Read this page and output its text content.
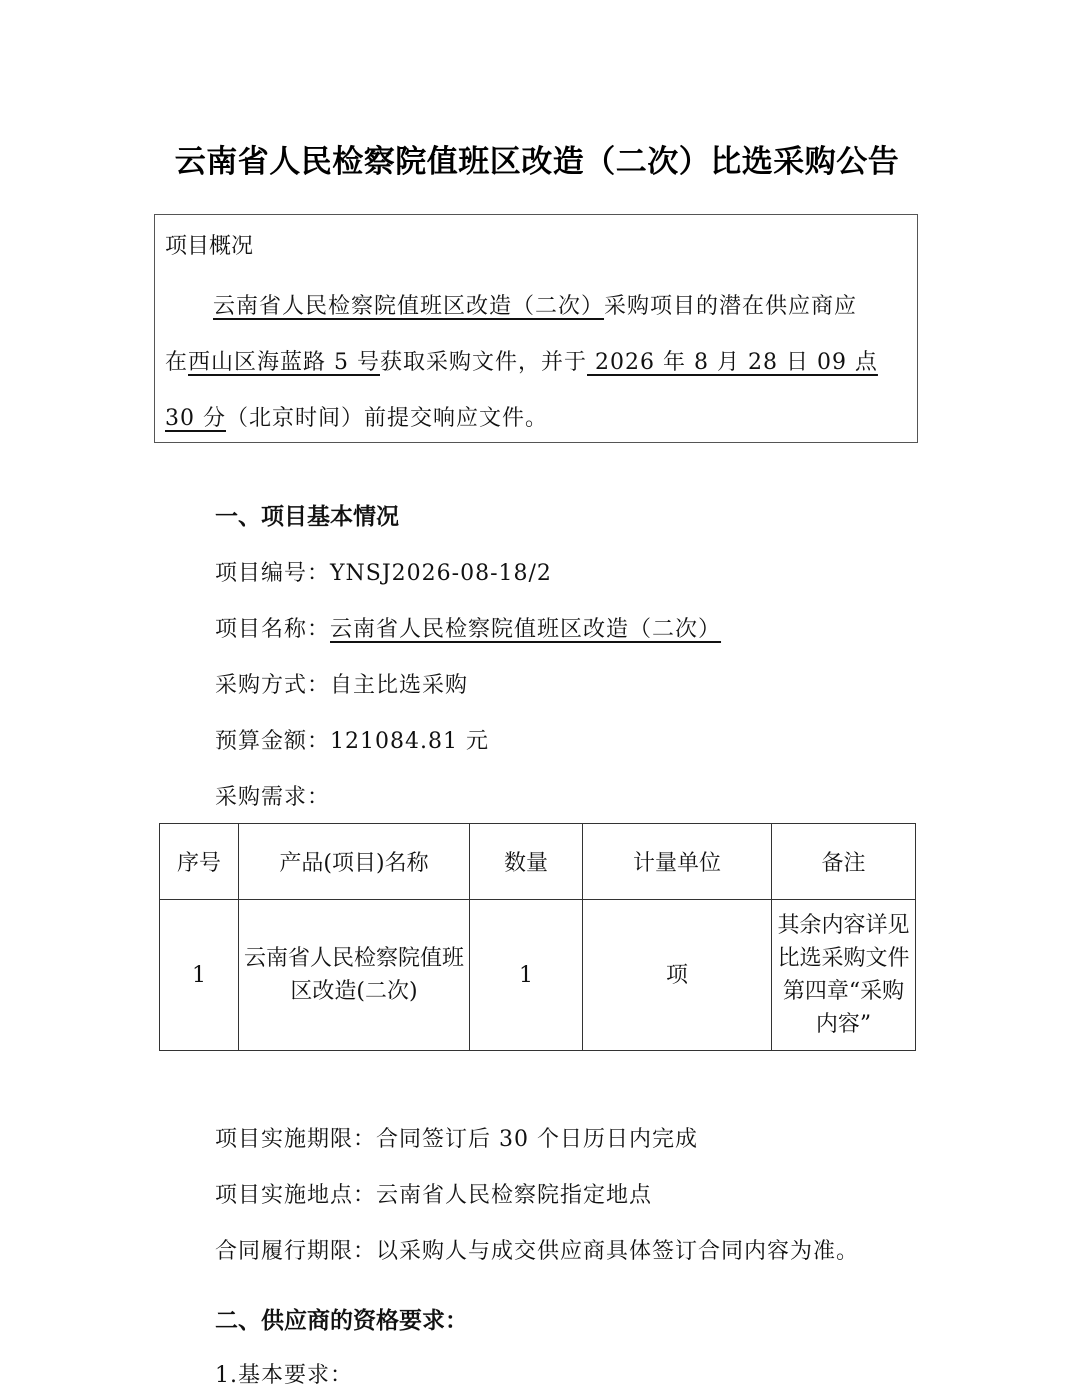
云南省人民检察院值班区改造（二次）比选采购公告
项目概况
云南省人民检察院值班区改造（二次）采购项目的潜在供应商应
在西山区海蓝路 5 号获取采购文件，并于 2026 年 8 月 28 日 09 点
30 分（北京时间）前提交响应文件。
一、项目基本情况
项目编号：YNSJ2026-08-18/2
项目名称：云南省人民检察院值班区改造（二次）
采购方式：自主比选采购
预算金额：121084.81 元
采购需求：
序号	产品(项目)名称	数量	计量单位	备注
1	云南省人民检察院值班区改造(二次)	1	项	其余内容详见比选采购文件第四章“采购内容”
项目实施期限：合同签订后 30 个日历日内完成
项目实施地点：云南省人民检察院指定地点
合同履行期限：以采购人与成交供应商具体签订合同内容为准。
二、供应商的资格要求：
1.基本要求：
